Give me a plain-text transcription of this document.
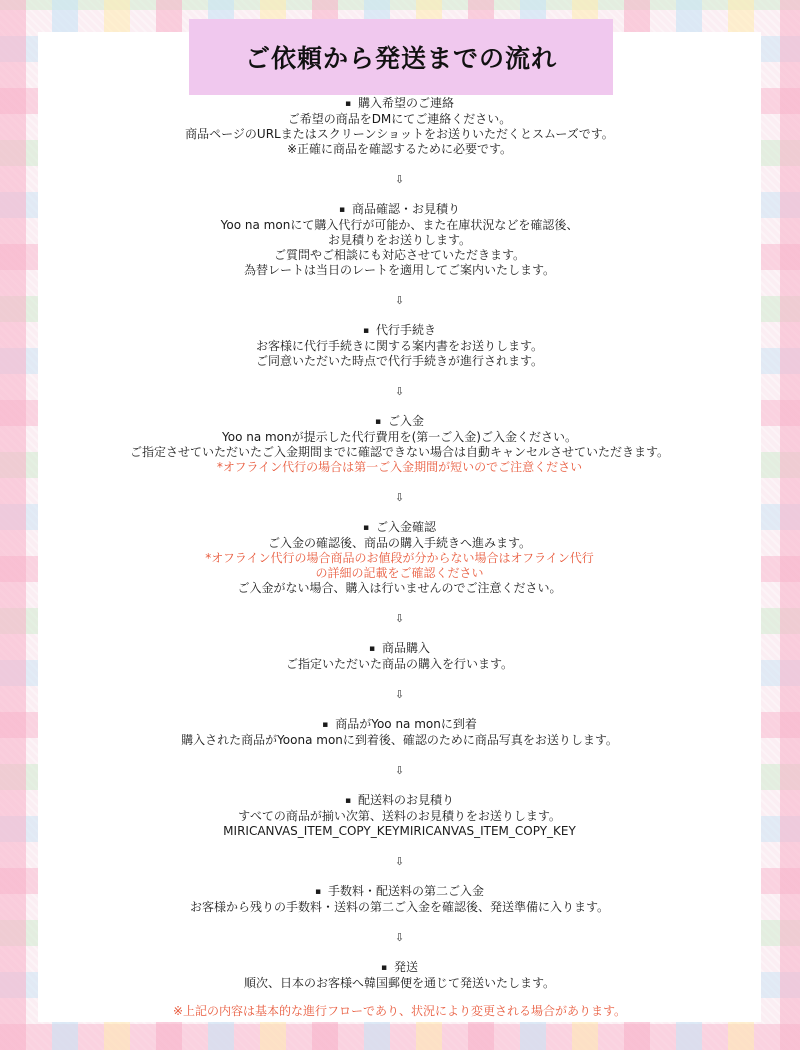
ご依頼から発送までの流れ
▪ 購入希望のご連絡
ご希望の商品をDMにてご連絡ください。
商品ページのURLまたはスクリーンショットをお送りいただくとスムーズです。
※正確に商品を確認するために必要です。
⇩
▪ 商品確認・お見積り
Yoo na monにて購入代行が可能か、また在庫状況などを確認後、
お見積りをお送りします。
ご質問やご相談にも対応させていただきます。
為替レートは当日のレートを適用してご案内いたします。
⇩
▪ 代行手続き
お客様に代行手続きに関する案内書をお送りします。
ご同意いただいた時点で代行手続きが進行されます。
⇩
▪ ご入金
Yoo na monが提示した代行費用を(第一ご入金)ご入金ください。
ご指定させていただいたご入金期間までに確認できない場合は自動キャンセルさせていただきます。
*オフライン代行の場合は第一ご入金期間が短いのでご注意ください
⇩
▪ ご入金確認
ご入金の確認後、商品の購入手続きへ進みます。
*オフライン代行の場合商品のお値段が分からない場合はオフライン代行
の詳細の記載をご確認ください
ご入金がない場合、購入は行いませんのでご注意ください。
⇩
▪ 商品購入
ご指定いただいた商品の購入を行います。
⇩
▪ 商品がYoo na monに到着
購入された商品がYoona monに到着後、確認のために商品写真をお送りします。
⇩
▪ 配送料のお見積り
すべての商品が揃い次第、送料のお見積りをお送りします。
MIRICANVAS_ITEM_COPY_KEYMIRICANVAS_ITEM_COPY_KEY
⇩
▪ 手数料・配送料の第二ご入金
お客様から残りの手数料・送料の第二ご入金を確認後、発送準備に入ります。
⇩
▪ 発送
順次、日本のお客様へ韓国郵便を通じて発送いたします。
※上記の内容は基本的な進行フローであり、状況により変更される場合があります。
